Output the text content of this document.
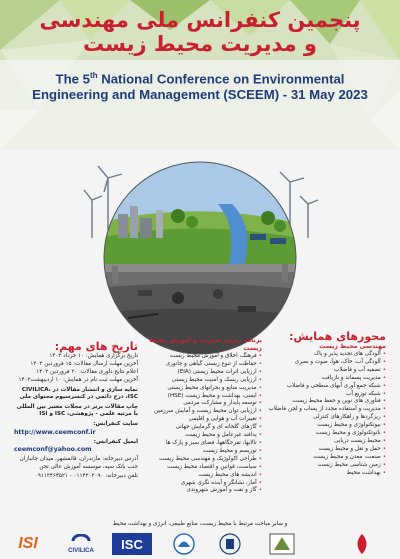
پنجمین کنفرانس ملی مهندسی
و مدیریت محیط زیست
The 5th National Conference on Environmental
Engineering and Management (SCEEM) - 31 May 2023
محورهای همایش:
مهندسی محیط زیست
• آلودگی های تجدید پذیر و پاک
• آلودگی آب، خاک، هوا، صوت و بصری
• تصفیه آب و فاضلاب
• مدیریت پسماند و بازیافت
• شبکه جمع آوری آبهای سطحی و فاضلاب
• شبکه توزیع آب
• فناوری های نوین و حفظ محیط زیست
• مدیریت و استفاده مجدد از پساب و لجن فاضلاب
• ریزگردها و راهکارهای کنترلی
• بیوتکنولوژی و محیط زیست
• نانوتکنولوژی و محیط زیست
• محیط زیست دریایی
• حمل و نقل و محیط زیست
• صنعت، معدن و محیط زیست
• زمین شناسی محیط زیست
• بهداشت محیط
برنامه ریزی، مدیریت و آموزش محیط زیست
• فرهنگ، اخلاق و آموزش محیط زیست
• حفاظت از تنوع زیستی گیاهی و جانوری
• ارزیابی اثرات محیط زیستی (EIA)
• ارزیابی ریسک و امنیت محیط زیستی
• مدیریت منابع و بحرانهای محیط زیستی
• ایمنی، بهداشت و محیط زیست (HSE)
• توسعه پایدار و مشارکت مردمی
• ارزیابی توان محیط زیست و آمایش سرزمین
• تغییرات آب و هوایی و اقلیمی
• گازهای گلخانه ای و گرمایش جهانی
• پدافند غیرعامل و محیط زیست
• تالابها، تفرجگاهها، فضای سبز و پارک ها
• توریسم و محیط زیست
• طراحی اکولوژیک و مهندسی محیط زیست
• سیاست، قوانین و اقتصاد محیط زیست
• اندیشه های محیط زیست
• آمار، نشانگر و آینده نگری شهری
• گاز و نفت و آموزش شهروندی
تاریخ های مهم:
تاریخ برگزاری همایش: ۱۰ خرداد ۱۴۰۲
آخرین مهلت ارسال مقالات: ۱۵ فروردین ۱۴۰۲
اعلام نتایج داوری مقالات: ۲۰ فروردین ۱۴۰۲
آخرین مهلت ثبت نام در همایش: ۱۰ اردیبهشت۱۴۰۲
نمایه سازی و انتشار مقالات در CIVILICA، ISC، درج دائمی در کنسرسیوم محتوای ملی
چاپ مقالات برتر در مجلات معتبر بین المللی با مرتبه علمی - پژوهشی، ISC و ISI
سایت کنفرانس:
http://www.ceemconf.ir
ایمیل کنفرانس:
ceemconf@yahoo.com
آدرس دبیرخانه: مازندران، قائمشهر، میدان جانبازان جنب بانک سپه، موسسه آموزش عالی تجن
تلفن دبیرخانه: ۰۱۱۴۲۰۲۰۹۰ - ۰۹۱۱۳۴۶۴۵۲۱
و سایر مباحث مرتبط با محیط زیست، منابع طبیعی، انرژی و بهداشت محیط
ISI	CIVILICA	ISC
